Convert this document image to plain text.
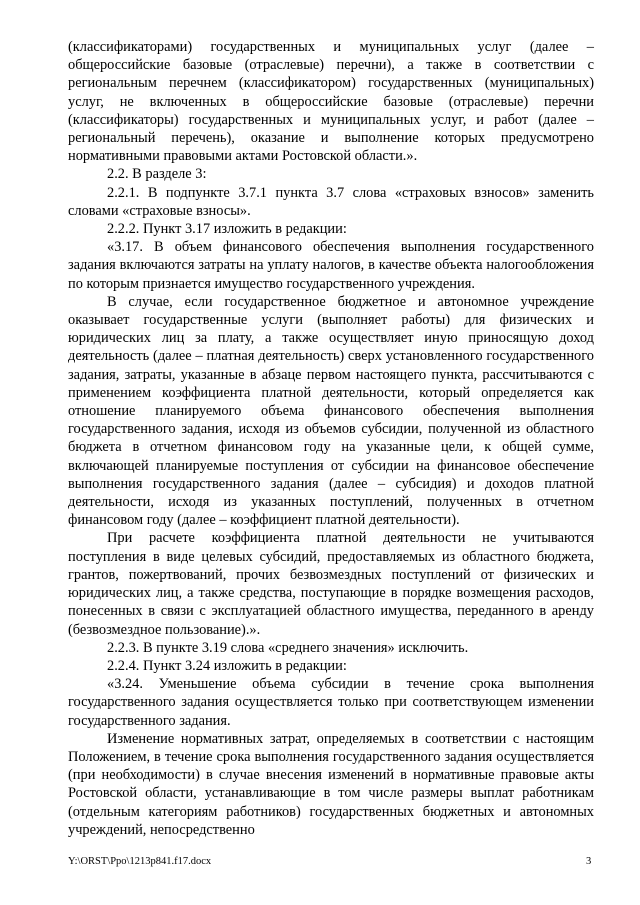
(классификаторами) государственных и муниципальных услуг (далее – общероссийские базовые (отраслевые) перечни), а также в соответствии с региональным перечнем (классификатором) государственных (муниципальных) услуг, не включенных в общероссийские базовые (отраслевые) перечни (классификаторы) государственных и муниципальных услуг, и работ (далее – региональный перечень), оказание и выполнение которых предусмотрено нормативными правовыми актами Ростовской области.».

2.2. В разделе 3:

2.2.1. В подпункте 3.7.1 пункта 3.7 слова «страховых взносов» заменить словами «страховые взносы».

2.2.2. Пункт 3.17 изложить в редакции:

«3.17. В объем финансового обеспечения выполнения государственного задания включаются затраты на уплату налогов, в качестве объекта налогообложения по которым признается имущество государственного учреждения.

В случае, если государственное бюджетное и автономное учреждение оказывает государственные услуги (выполняет работы) для физических и юридических лиц за плату, а также осуществляет иную приносящую доход деятельность (далее – платная деятельность) сверх установленного государственного задания, затраты, указанные в абзаце первом настоящего пункта, рассчитываются с применением коэффициента платной деятельности, который определяется как отношение планируемого объема финансового обеспечения выполнения государственного задания, исходя из объемов субсидии, полученной из областного бюджета в отчетном финансовом году на указанные цели, к общей сумме, включающей планируемые поступления от субсидии на финансовое обеспечение выполнения государственного задания (далее – субсидия) и доходов платной деятельности, исходя из указанных поступлений, полученных в отчетном финансовом году (далее – коэффициент платной деятельности).

При расчете коэффициента платной деятельности не учитываются поступления в виде целевых субсидий, предоставляемых из областного бюджета, грантов, пожертвований, прочих безвозмездных поступлений от физических и юридических лиц, а также средства, поступающие в порядке возмещения расходов, понесенных в связи с эксплуатацией областного имущества, переданного в аренду (безвозмездное пользование).».

2.2.3. В пункте 3.19 слова «среднего значения» исключить.

2.2.4. Пункт 3.24 изложить в редакции:

«3.24. Уменьшение объема субсидии в течение срока выполнения государственного задания осуществляется только при соответствующем изменении государственного задания.

Изменение нормативных затрат, определяемых в соответствии с настоящим Положением, в течение срока выполнения государственного задания осуществляется (при необходимости) в случае внесения изменений в нормативные правовые акты Ростовской области, устанавливающие в том числе размеры выплат работникам (отдельным категориям работников) государственных бюджетных и автономных учреждений, непосредственно

Y:\ORST\Ppo\1213p841.f17.docx	3
